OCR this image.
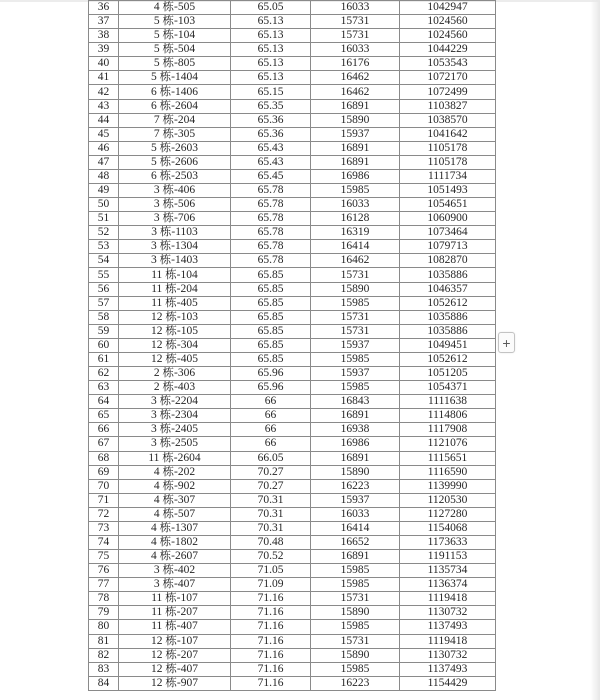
36	4 栋-505	65.05	16033	1042947
37	5 栋-103	65.13	15731	1024560
38	5 栋-104	65.13	15731	1024560
39	5 栋-504	65.13	16033	1044229
40	5 栋-805	65.13	16176	1053543
41	5 栋-1404	65.13	16462	1072170
42	6 栋-1406	65.15	16462	1072499
43	6 栋-2604	65.35	16891	1103827
44	7 栋-204	65.36	15890	1038570
45	7 栋-305	65.36	15937	1041642
46	5 栋-2603	65.43	16891	1105178
47	5 栋-2606	65.43	16891	1105178
48	6 栋-2503	65.45	16986	1111734
49	3 栋-406	65.78	15985	1051493
50	3 栋-506	65.78	16033	1054651
51	3 栋-706	65.78	16128	1060900
52	3 栋-1103	65.78	16319	1073464
53	3 栋-1304	65.78	16414	1079713
54	3 栋-1403	65.78	16462	1082870
55	11 栋-104	65.85	15731	1035886
56	11 栋-204	65.85	15890	1046357
57	11 栋-405	65.85	15985	1052612
58	12 栋-103	65.85	15731	1035886
59	12 栋-105	65.85	15731	1035886
60	12 栋-304	65.85	15937	1049451
61	12 栋-405	65.85	15985	1052612
62	2 栋-306	65.96	15937	1051205
63	2 栋-403	65.96	15985	1054371
64	3 栋-2204	66	16843	1111638
65	3 栋-2304	66	16891	1114806
66	3 栋-2405	66	16938	1117908
67	3 栋-2505	66	16986	1121076
68	11 栋-2604	66.05	16891	1115651
69	4 栋-202	70.27	15890	1116590
70	4 栋-902	70.27	16223	1139990
71	4 栋-307	70.31	15937	1120530
72	4 栋-507	70.31	16033	1127280
73	4 栋-1307	70.31	16414	1154068
74	4 栋-1802	70.48	16652	1173633
75	4 栋-2607	70.52	16891	1191153
76	3 栋-402	71.05	15985	1135734
77	3 栋-407	71.09	15985	1136374
78	11 栋-107	71.16	15731	1119418
79	11 栋-207	71.16	15890	1130732
80	11 栋-407	71.16	15985	1137493
81	12 栋-107	71.16	15731	1119418
82	12 栋-207	71.16	15890	1130732
83	12 栋-407	71.16	15985	1137493
84	12 栋-907	71.16	16223	1154429
+
